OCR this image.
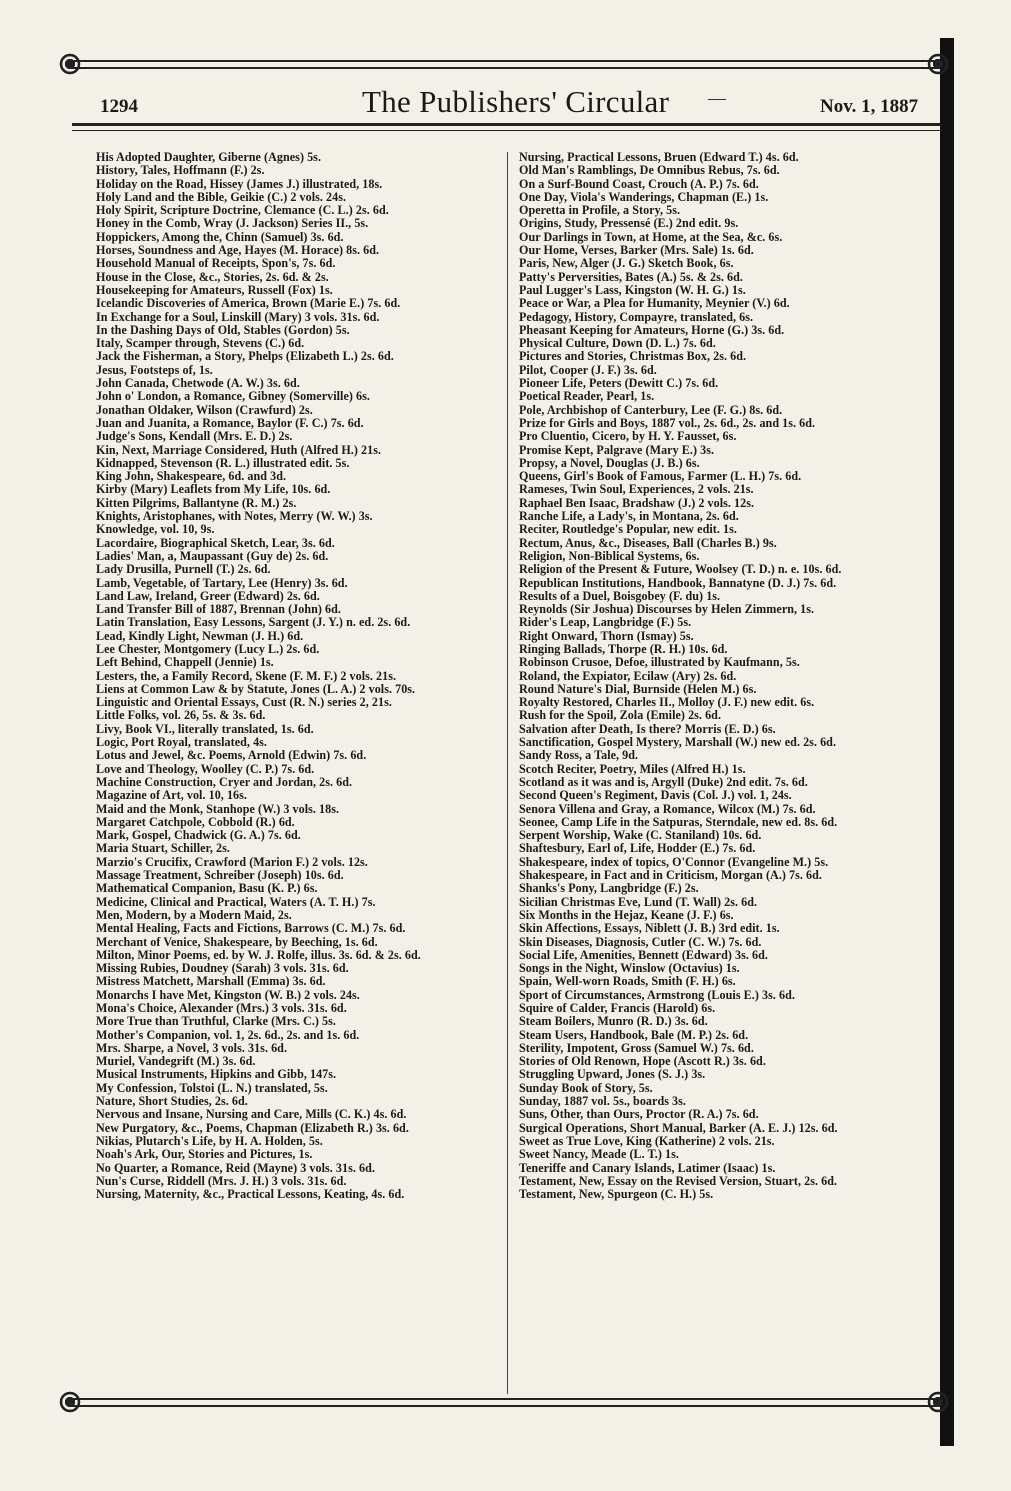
1294	The Publishers' Circular —	Nov. 1, 1887
His Adopted Daughter, Giberne (Agnes) 5s.
History, Tales, Hoffmann (F.) 2s.
Holiday on the Road, Hissey (James J.) illustrated, 18s.
Holy Land and the Bible, Geikie (C.) 2 vols. 24s.
Holy Spirit, Scripture Doctrine, Clemance (C. L.) 2s. 6d.
Honey in the Comb, Wray (J. Jackson) Series II., 5s.
Hoppickers, Among the, Chinn (Samuel) 3s. 6d.
Horses, Soundness and Age, Hayes (M. Horace) 8s. 6d.
Household Manual of Receipts, Spon's, 7s. 6d.
House in the Close, &c., Stories, 2s. 6d. & 2s.
Housekeeping for Amateurs, Russell (Fox) 1s.
Icelandic Discoveries of America, Brown (Marie E.) 7s. 6d.
In Exchange for a Soul, Linskill (Mary) 3 vols. 31s. 6d.
In the Dashing Days of Old, Stables (Gordon) 5s.
Italy, Scamper through, Stevens (C.) 6d.
Jack the Fisherman, a Story, Phelps (Elizabeth L.) 2s. 6d.
Jesus, Footsteps of, 1s.
John Canada, Chetwode (A. W.) 3s. 6d.
John o' London, a Romance, Gibney (Somerville) 6s.
Jonathan Oldaker, Wilson (Crawfurd) 2s.
Juan and Juanita, a Romance, Baylor (F. C.) 7s. 6d.
Judge's Sons, Kendall (Mrs. E. D.) 2s.
Kin, Next, Marriage Considered, Huth (Alfred H.) 21s.
Kidnapped, Stevenson (R. L.) illustrated edit. 5s.
King John, Shakespeare, 6d. and 3d.
Kirby (Mary) Leaflets from My Life, 10s. 6d.
Kitten Pilgrims, Ballantyne (R. M.) 2s.
Knights, Aristophanes, with Notes, Merry (W. W.) 3s.
Knowledge, vol. 10, 9s.
Lacordaire, Biographical Sketch, Lear, 3s. 6d.
Ladies' Man, a, Maupassant (Guy de) 2s. 6d.
Lady Drusilla, Purnell (T.) 2s. 6d.
Lamb, Vegetable, of Tartary, Lee (Henry) 3s. 6d.
Land Law, Ireland, Greer (Edward) 2s. 6d.
Land Transfer Bill of 1887, Brennan (John) 6d.
Latin Translation, Easy Lessons, Sargent (J. Y.) n. ed. 2s. 6d.
Lead, Kindly Light, Newman (J. H.) 6d.
Lee Chester, Montgomery (Lucy L.) 2s. 6d.
Left Behind, Chappell (Jennie) 1s.
Lesters, the, a Family Record, Skene (F. M. F.) 2 vols. 21s.
Liens at Common Law & by Statute, Jones (L. A.) 2 vols. 70s.
Linguistic and Oriental Essays, Cust (R. N.) series 2, 21s.
Little Folks, vol. 26, 5s. & 3s. 6d.
Livy, Book VI., literally translated, 1s. 6d.
Logic, Port Royal, translated, 4s.
Lotus and Jewel, &c. Poems, Arnold (Edwin) 7s. 6d.
Love and Theology, Woolley (C. P.) 7s. 6d.
Machine Construction, Cryer and Jordan, 2s. 6d.
Magazine of Art, vol. 10, 16s.
Maid and the Monk, Stanhope (W.) 3 vols. 18s.
Margaret Catchpole, Cobbold (R.) 6d.
Mark, Gospel, Chadwick (G. A.) 7s. 6d.
Maria Stuart, Schiller, 2s.
Marzio's Crucifix, Crawford (Marion F.) 2 vols. 12s.
Massage Treatment, Schreiber (Joseph) 10s. 6d.
Mathematical Companion, Basu (K. P.) 6s.
Medicine, Clinical and Practical, Waters (A. T. H.) 7s.
Men, Modern, by a Modern Maid, 2s.
Mental Healing, Facts and Fictions, Barrows (C. M.) 7s. 6d.
Merchant of Venice, Shakespeare, by Beeching, 1s. 6d.
Milton, Minor Poems, ed. by W. J. Rolfe, illus. 3s. 6d. & 2s. 6d.
Missing Rubies, Doudney (Sarah) 3 vols. 31s. 6d.
Mistress Matchett, Marshall (Emma) 3s. 6d.
Monarchs I have Met, Kingston (W. B.) 2 vols. 24s.
Mona's Choice, Alexander (Mrs.) 3 vols. 31s. 6d.
More True than Truthful, Clarke (Mrs. C.) 5s.
Mother's Companion, vol. 1, 2s. 6d., 2s. and 1s. 6d.
Mrs. Sharpe, a Novel, 3 vols. 31s. 6d.
Muriel, Vandegrift (M.) 3s. 6d.
Musical Instruments, Hipkins and Gibb, 147s.
My Confession, Tolstoi (L. N.) translated, 5s.
Nature, Short Studies, 2s. 6d.
Nervous and Insane, Nursing and Care, Mills (C. K.) 4s. 6d.
New Purgatory, &c., Poems, Chapman (Elizabeth R.) 3s. 6d.
Nikias, Plutarch's Life, by H. A. Holden, 5s.
Noah's Ark, Our, Stories and Pictures, 1s.
No Quarter, a Romance, Reid (Mayne) 3 vols. 31s. 6d.
Nun's Curse, Riddell (Mrs. J. H.) 3 vols. 31s. 6d.
Nursing, Maternity, &c., Practical Lessons, Keating, 4s. 6d.
Nursing, Practical Lessons, Bruen (Edward T.) 4s. 6d.
Old Man's Ramblings, De Omnibus Rebus, 7s. 6d.
On a Surf-Bound Coast, Crouch (A. P.) 7s. 6d.
One Day, Viola's Wanderings, Chapman (E.) 1s.
Operetta in Profile, a Story, 5s.
Origins, Study, Pressensé (E.) 2nd edit. 9s.
Our Darlings in Town, at Home, at the Sea, &c. 6s.
Our Home, Verses, Barker (Mrs. Sale) 1s. 6d.
Paris, New, Alger (J. G.) Sketch Book, 6s.
Patty's Perversities, Bates (A.) 5s. & 2s. 6d.
Paul Lugger's Lass, Kingston (W. H. G.) 1s.
Peace or War, a Plea for Humanity, Meynier (V.) 6d.
Pedagogy, History, Compayre, translated, 6s.
Pheasant Keeping for Amateurs, Horne (G.) 3s. 6d.
Physical Culture, Down (D. L.) 7s. 6d.
Pictures and Stories, Christmas Box, 2s. 6d.
Pilot, Cooper (J. F.) 3s. 6d.
Pioneer Life, Peters (Dewitt C.) 7s. 6d.
Poetical Reader, Pearl, 1s.
Pole, Archbishop of Canterbury, Lee (F. G.) 8s. 6d.
Prize for Girls and Boys, 1887 vol., 2s. 6d., 2s. and 1s. 6d.
Pro Cluentio, Cicero, by H. Y. Fausset, 6s.
Promise Kept, Palgrave (Mary E.) 3s.
Propsy, a Novel, Douglas (J. B.) 6s.
Queens, Girl's Book of Famous, Farmer (L. H.) 7s. 6d.
Rameses, Twin Soul, Experiences, 2 vols. 21s.
Raphael Ben Isaac, Bradshaw (J.) 2 vols. 12s.
Ranche Life, a Lady's, in Montana, 2s. 6d.
Reciter, Routledge's Popular, new edit. 1s.
Rectum, Anus, &c., Diseases, Ball (Charles B.) 9s.
Religion, Non-Biblical Systems, 6s.
Religion of the Present & Future, Woolsey (T. D.) n. e. 10s. 6d.
Republican Institutions, Handbook, Bannatyne (D. J.) 7s. 6d.
Results of a Duel, Boisgobey (F. du) 1s.
Reynolds (Sir Joshua) Discourses by Helen Zimmern, 1s.
Rider's Leap, Langbridge (F.) 5s.
Right Onward, Thorn (Ismay) 5s.
Ringing Ballads, Thorpe (R. H.) 10s. 6d.
Robinson Crusoe, Defoe, illustrated by Kaufmann, 5s.
Roland, the Expiator, Ecilaw (Ary) 2s. 6d.
Round Nature's Dial, Burnside (Helen M.) 6s.
Royalty Restored, Charles II., Molloy (J. F.) new edit. 6s.
Rush for the Spoil, Zola (Emile) 2s. 6d.
Salvation after Death, Is there? Morris (E. D.) 6s.
Sanctification, Gospel Mystery, Marshall (W.) new ed. 2s. 6d.
Sandy Ross, a Tale, 9d.
Scotch Reciter, Poetry, Miles (Alfred H.) 1s.
Scotland as it was and is, Argyll (Duke) 2nd edit. 7s. 6d.
Second Queen's Regiment, Davis (Col. J.) vol. 1, 24s.
Senora Villena and Gray, a Romance, Wilcox (M.) 7s. 6d.
Seonee, Camp Life in the Satpuras, Sterndale, new ed. 8s. 6d.
Serpent Worship, Wake (C. Staniland) 10s. 6d.
Shaftesbury, Earl of, Life, Hodder (E.) 7s. 6d.
Shakespeare, index of topics, O'Connor (Evangeline M.) 5s.
Shakespeare, in Fact and in Criticism, Morgan (A.) 7s. 6d.
Shanks's Pony, Langbridge (F.) 2s.
Sicilian Christmas Eve, Lund (T. Wall) 2s. 6d.
Six Months in the Hejaz, Keane (J. F.) 6s.
Skin Affections, Essays, Niblett (J. B.) 3rd edit. 1s.
Skin Diseases, Diagnosis, Cutler (C. W.) 7s. 6d.
Social Life, Amenities, Bennett (Edward) 3s. 6d.
Songs in the Night, Winslow (Octavius) 1s.
Spain, Well-worn Roads, Smith (F. H.) 6s.
Sport of Circumstances, Armstrong (Louis E.) 3s. 6d.
Squire of Calder, Francis (Harold) 6s.
Steam Boilers, Munro (R. D.) 3s. 6d.
Steam Users, Handbook, Bale (M. P.) 2s. 6d.
Sterility, Impotent, Gross (Samuel W.) 7s. 6d.
Stories of Old Renown, Hope (Ascott R.) 3s. 6d.
Struggling Upward, Jones (S. J.) 3s.
Sunday Book of Story, 5s.
Sunday, 1887 vol. 5s., boards 3s.
Suns, Other, than Ours, Proctor (R. A.) 7s. 6d.
Surgical Operations, Short Manual, Barker (A. E. J.) 12s. 6d.
Sweet as True Love, King (Katherine) 2 vols. 21s.
Sweet Nancy, Meade (L. T.) 1s.
Teneriffe and Canary Islands, Latimer (Isaac) 1s.
Testament, New, Essay on the Revised Version, Stuart, 2s. 6d.
Testament, New, Spurgeon (C. H.) 5s.
